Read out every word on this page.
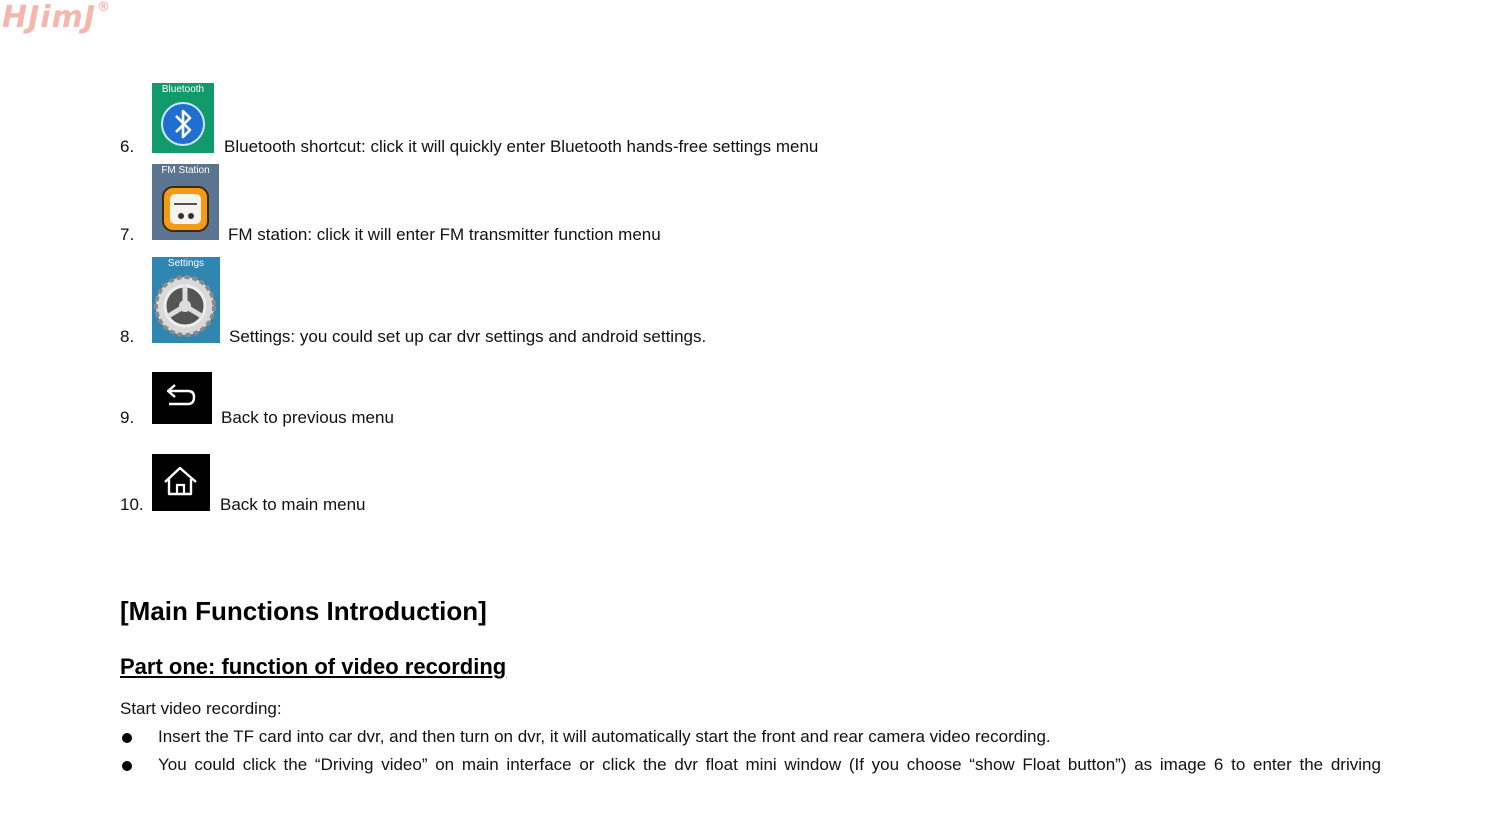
HJimJ®
6.
Bluetooth
Bluetooth shortcut: click it will quickly enter Bluetooth hands-free settings menu
7.
FM Station
FM station: click it will enter FM transmitter function menu
8.
Settings
Settings: you could set up car dvr settings and android settings.
9.	Back to previous menu
10.	Back to main menu
[Main Functions Introduction]
Part one: function of video recording
Start video recording:
Insert the TF card into car dvr, and then turn on dvr, it will automatically start the front and rear camera video recording.
You could click the “Driving video” on main interface or click the dvr float mini window (If you choose “show Float button”) as image 6 to enter the driving
